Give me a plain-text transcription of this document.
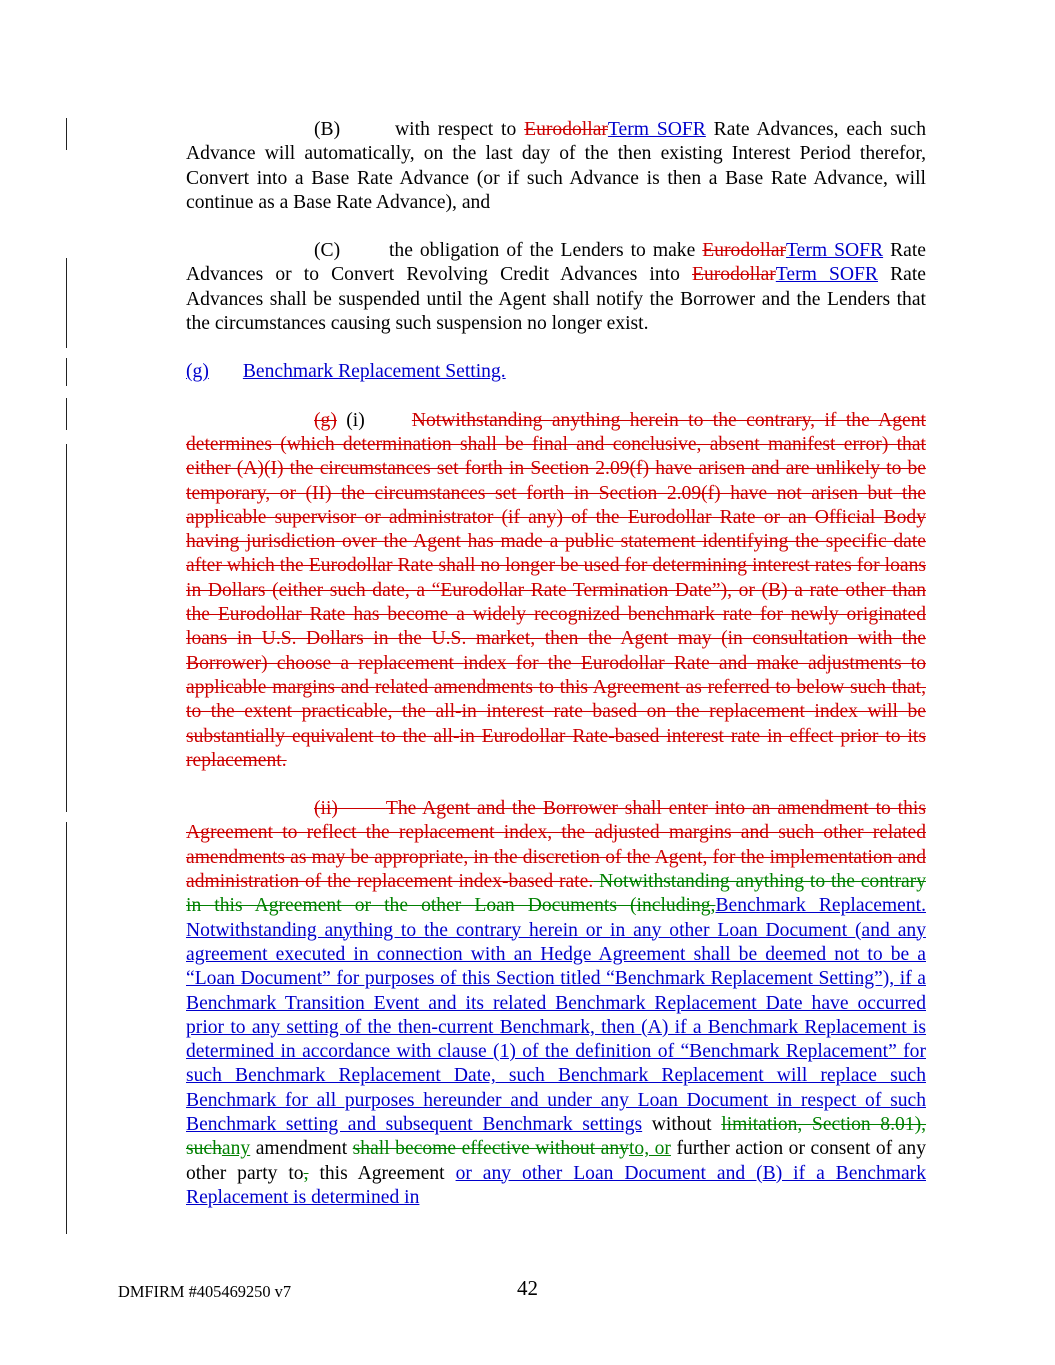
(B)	with respect to EurodollarTerm SOFR Rate Advances, each such Advance will automatically, on the last day of the then existing Interest Period therefor, Convert into a Base Rate Advance (or if such Advance is then a Base Rate Advance, will continue as a Base Rate Advance), and

(C) the obligation of the Lenders to make EurodollarTerm SOFR Rate Advances or to Convert Revolving Credit Advances into EurodollarTerm SOFR Rate Advances shall be suspended until the Agent shall notify the Borrower and the Lenders that the circumstances causing such suspension no longer exist.

(g) Benchmark Replacement Setting.

(g) (i) Notwithstanding anything herein to the contrary, if the Agent determines (which determination shall be final and conclusive, absent manifest error) that either (A)(I) the circumstances set forth in Section 2.09(f) have arisen and are unlikely to be temporary, or (II) the circumstances set forth in Section 2.09(f) have not arisen but the applicable supervisor or administrator (if any) of the Eurodollar Rate or an Official Body having jurisdiction over the Agent has made a public statement identifying the specific date after which the Eurodollar Rate shall no longer be used for determining interest rates for loans in Dollars (either such date, a “Eurodollar Rate Termination Date”), or (B) a rate other than the Eurodollar Rate has become a widely recognized benchmark rate for newly originated loans in U.S. Dollars in the U.S. market, then the Agent may (in consultation with the Borrower) choose a replacement index for the Eurodollar Rate and make adjustments to applicable margins and related amendments to this Agreement as referred to below such that, to the extent practicable, the all-in interest rate based on the replacement index will be substantially equivalent to the all-in Eurodollar Rate-based interest rate in effect prior to its replacement.

(ii) The Agent and the Borrower shall enter into an amendment to this Agreement to reflect the replacement index, the adjusted margins and such other related amendments as may be appropriate, in the discretion of the Agent, for the implementation and administration of the replacement index-based rate. Notwithstanding anything to the contrary in this Agreement or the other Loan Documents (including,Benchmark Replacement. Notwithstanding anything to the contrary herein or in any other Loan Document (and any agreement executed in connection with an Hedge Agreement shall be deemed not to be a “Loan Document” for purposes of this Section titled “Benchmark Replacement Setting”), if a Benchmark Transition Event and its related Benchmark Replacement Date have occurred prior to any setting of the then-current Benchmark, then (A) if a Benchmark Replacement is determined in accordance with clause (1) of the definition of “Benchmark Replacement” for such Benchmark Replacement Date, such Benchmark Replacement will replace such Benchmark for all purposes hereunder and under any Loan Document in respect of such Benchmark setting and subsequent Benchmark settings without limitation, Section 8.01), suchany amendment shall become effective without anyto, or further action or consent of any other party to, this Agreement or any other Loan Document and (B) if a Benchmark Replacement is determined in

DMFIRM #405469250 v7	42
